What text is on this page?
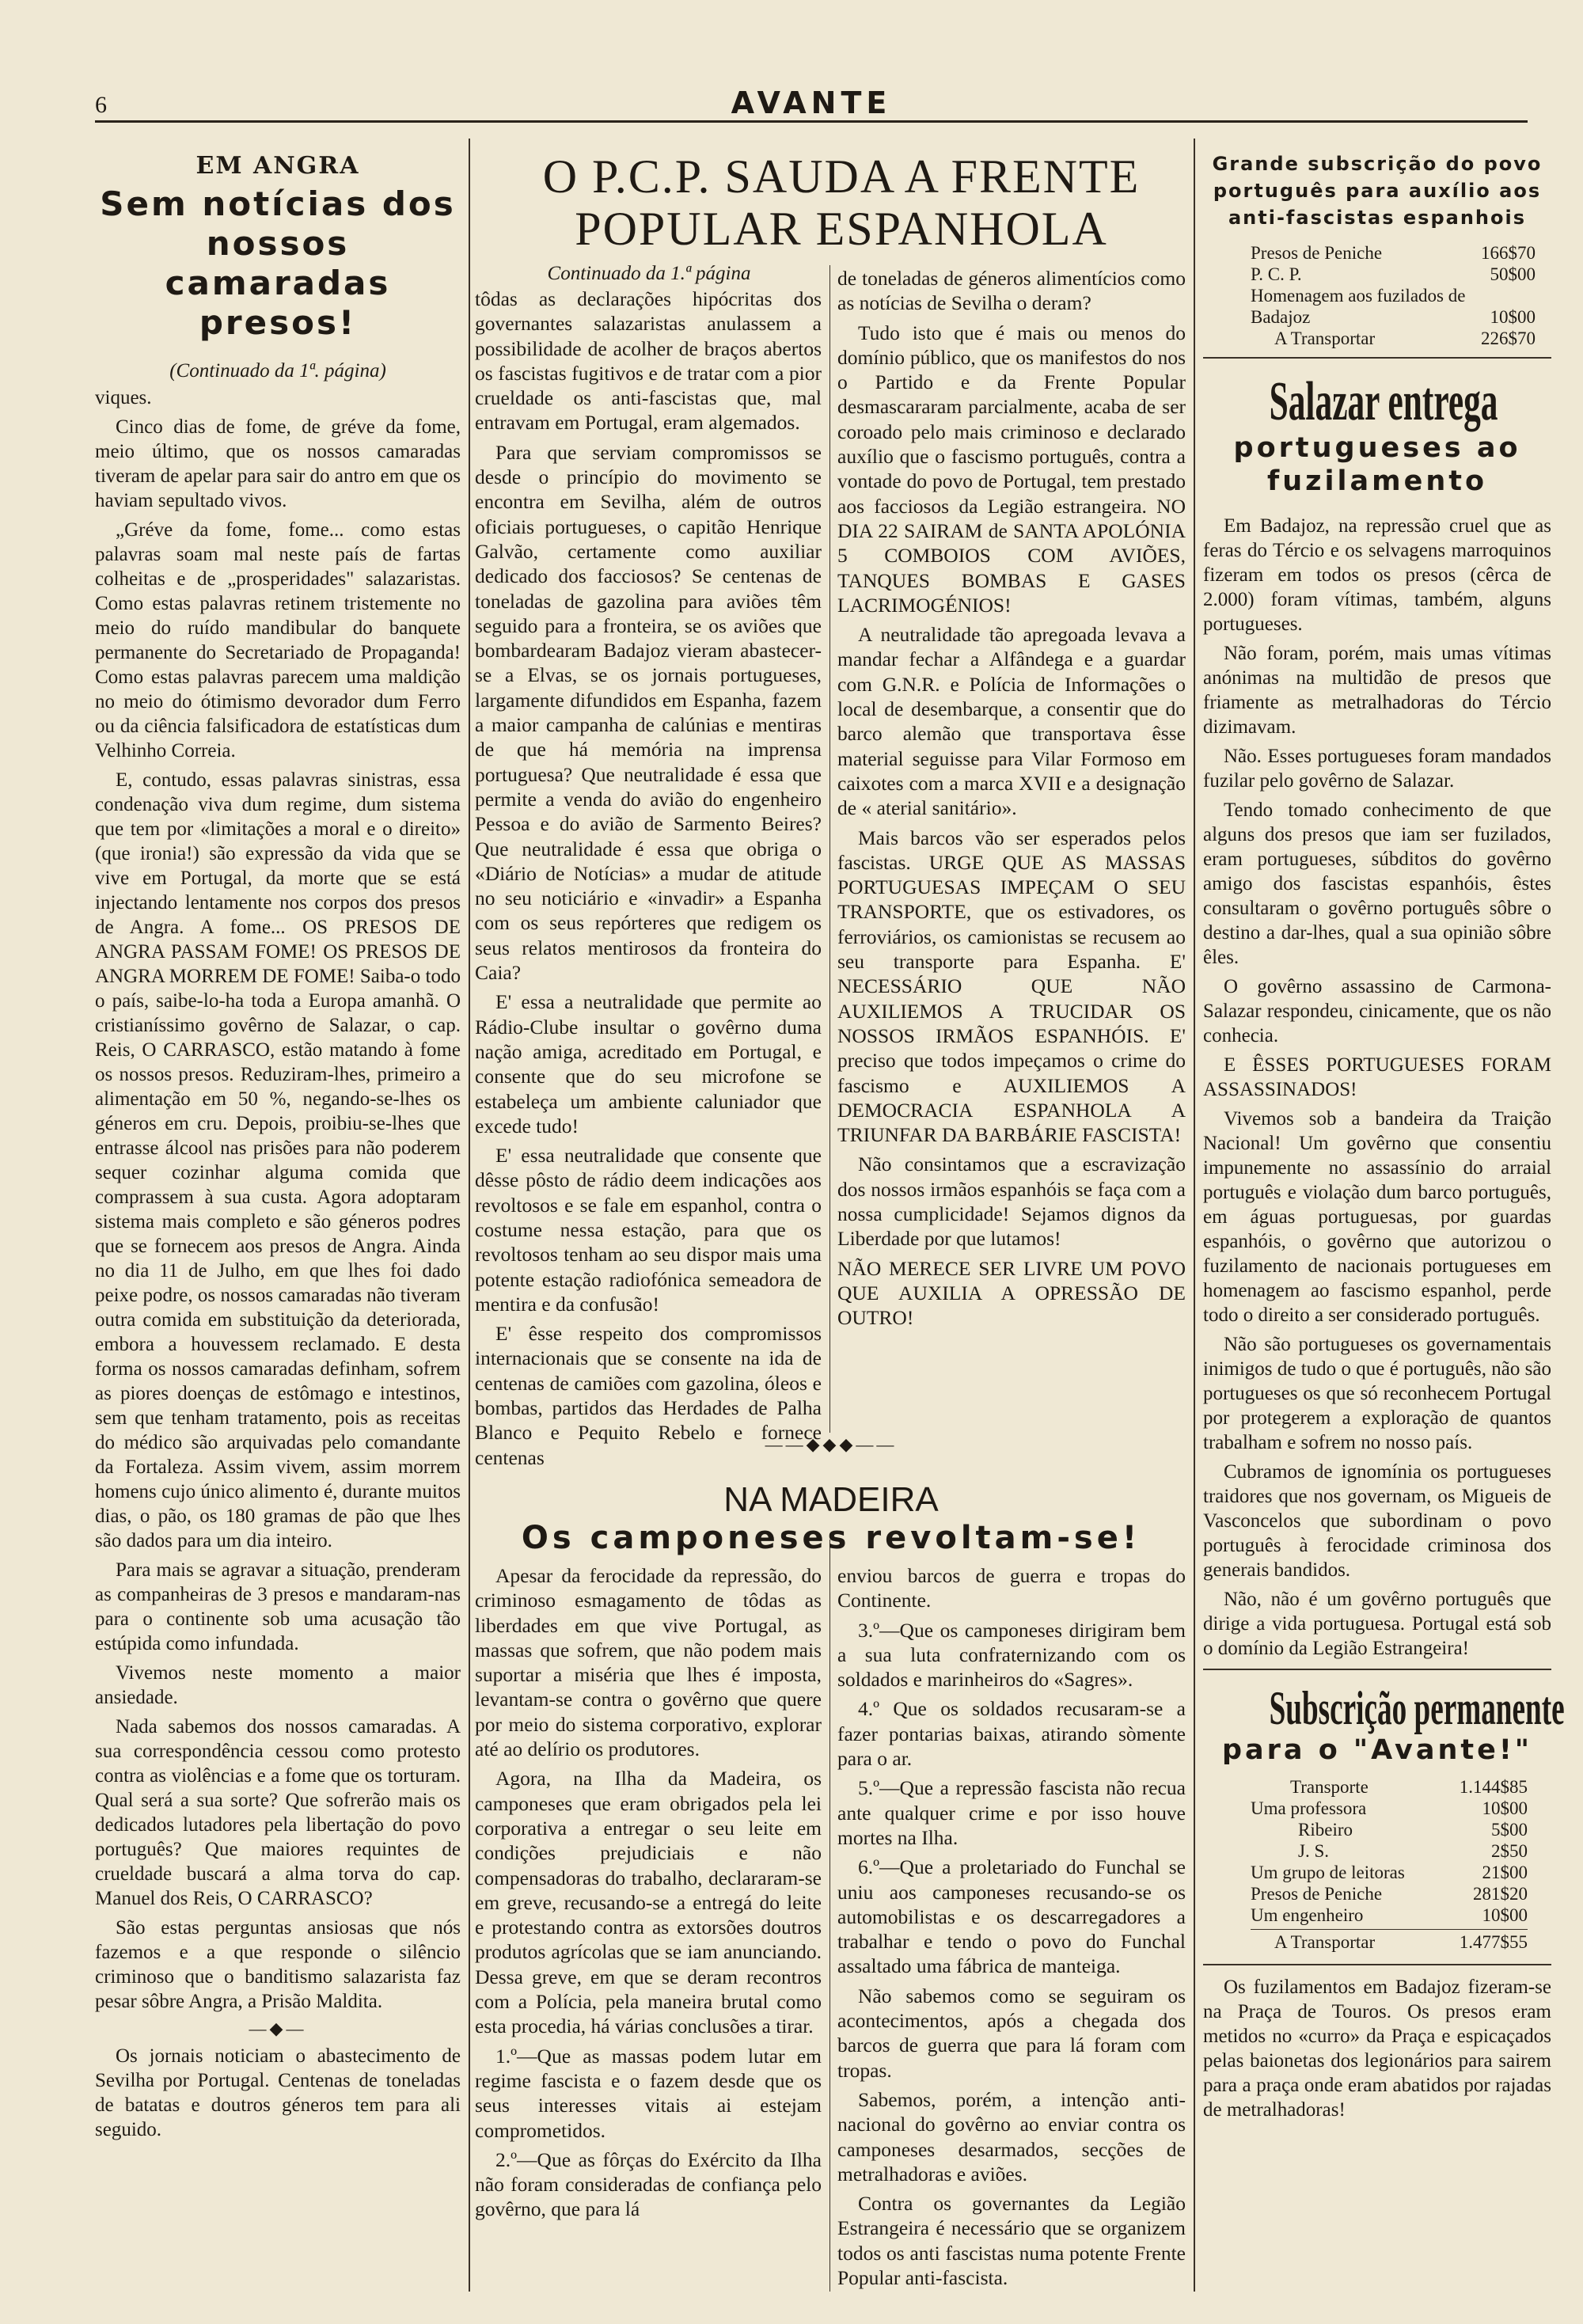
6	AVANTE
EM ANGRA
Sem notícias dos nossos camaradas presos!
(Continuado da 1ª. página)

viques.

Cinco dias de fome, de gréve da fome, meio último, que os nossos camaradas tiveram de apelar para sair do antro em que os haviam sepultado vivos.

„Gréve da fome, fome... como estas palavras soam mal neste país de fartas colheitas e de „prosperidades" salazaristas. Como estas palavras retinem tristemente no meio do ruído mandibular do banquete permanente do Secretariado de Propaganda! Como estas palavras parecem uma maldição no meio do ótimismo devorador dum Ferro ou da ciência falsificadora de estatísticas dum Velhinho Correia.

E, contudo, essas palavras sinistras, essa condenação viva dum regime, dum sistema que tem por «limitações a moral e o direito» (que ironia!) são expressão da vida que se vive em Portugal, da morte que se está injectando lentamente nos corpos dos presos de Angra. A fome... OS PRESOS DE ANGRA PASSAM FOME! OS PRESOS DE ANGRA MORREM DE FOME! Saiba-o todo o país, saibe-lo-ha toda a Europa amanhã. O cristianíssimo govêrno de Salazar, o cap. Reis, O CARRASCO, estão matando à fome os nossos presos. Reduziram-lhes, primeiro a alimentação em 50 %, negando-se-lhes os géneros em cru. Depois, proibiu-se-lhes que entrasse álcool nas prisões para não poderem sequer cozinhar alguma comida que comprassem à sua custa. Agora adoptaram sistema mais completo e são géneros podres que se fornecem aos presos de Angra. Ainda no dia 11 de Julho, em que lhes foi dado peixe podre, os nossos camaradas não tiveram outra comida em substituição da deteriorada, embora a houvessem reclamado. E desta forma os nossos camaradas definham, sofrem as piores doenças de estômago e intestinos, sem que tenham tratamento, pois as receitas do médico são arquivadas pelo comandante da Fortaleza. Assim vivem, assim morrem homens cujo único alimento é, durante muitos dias, o pão, os 180 gramas de pão que lhes são dados para um dia inteiro.

Para mais se agravar a situação, prenderam as companheiras de 3 presos e mandaram-nas para o continente sob uma acusação tão estúpida como infundada.

Vivemos neste momento a maior ansiedade.

Nada sabemos dos nossos camaradas. A sua correspondência cessou como protesto contra as violências e a fome que os torturam. Qual será a sua sorte? Que sofrerão mais os dedicados lutadores pela libertação do povo português? Que maiores requintes de crueldade buscará a alma torva do cap. Manuel dos Reis, O CARRASCO?

São estas perguntas ansiosas que nós fazemos e a que responde o silêncio criminoso que o banditismo salazarista faz pesar sôbre Angra, a Prisão Maldita.

—◆—

Os jornais noticiam o abastecimento de Sevilha por Portugal. Centenas de toneladas de batatas e doutros géneros tem para ali seguido.

O P.C.P. SAUDA A FRENTE POPULAR ESPANHOLA
Continuado da 1.ª página

tôdas as declarações hipócritas dos governantes salazaristas anulassem a possibilidade de acolher de braços abertos os fascistas fugitivos e de tratar com a pior crueldade os anti-fascistas que, mal entravam em Portugal, eram algemados.

Para que serviam compromissos se desde o princípio do movimento se encontra em Sevilha, além de outros oficiais portugueses, o capitão Henrique Galvão, certamente como auxiliar dedicado dos facciosos? Se centenas de toneladas de gazolina para aviões têm seguido para a fronteira, se os aviões que bombardearam Badajoz vieram abastecer-se a Elvas, se os jornais portugueses, largamente difundidos em Espanha, fazem a maior campanha de calúnias e mentiras de que há memória na imprensa portuguesa? Que neutralidade é essa que permite a venda do avião do engenheiro Pessoa e do avião de Sarmento Beires? Que neutralidade é essa que obriga o «Diário de Notícias» a mudar de atitude no seu noticiário e «invadir» a Espanha com os seus repórteres que redigem os seus relatos mentirosos da fronteira do Caia?

E' essa a neutralidade que permite ao Rádio-Clube insultar o govêrno duma nação amiga, acreditado em Portugal, e consente que do seu microfone se estabeleça um ambiente caluniador que excede tudo!

E' essa neutralidade que consente que dêsse pôsto de rádio deem indicações aos revoltosos e se fale em espanhol, contra o costume nessa estação, para que os revoltosos tenham ao seu dispor mais uma potente estação radiofónica semeadora de mentira e da confusão!

E' êsse respeito dos compromissos internacionais que se consente na ida de centenas de camiões com gazolina, óleos e bombas, partidos das Herdades de Palha Blanco e Pequito Rebelo e fornece centenas

de toneladas de géneros alimentícios como as notícias de Sevilha o deram?

Tudo isto que é mais ou menos do domínio público, que os manifestos do nos o Partido e da Frente Popular desmascararam parcialmente, acaba de ser coroado pelo mais criminoso e declarado auxílio que o fascismo português, contra a vontade do povo de Portugal, tem prestado aos facciosos da Legião estrangeira. NO DIA 22 SAIRAM de SANTA APOLÓNIA 5 COMBOIOS COM AVIÕES, TANQUES BOMBAS E GASES LACRIMOGÉNIOS!

A neutralidade tão apregoada levava a mandar fechar a Alfândega e a guardar com G.N.R. e Polícia de Informações o local de desembarque, a consentir que do barco alemão que transportava êsse material seguisse para Vilar Formoso em caixotes com a marca XVII e a designação de « aterial sanitário».

Mais barcos vão ser esperados pelos fascistas. URGE QUE AS MASSAS PORTUGUESAS IMPEÇAM O SEU TRANSPORTE, que os estivadores, os ferroviários, os camionistas se recusem ao seu transporte para Espanha. E' NECESSÁRIO QUE NÃO AUXILIEMOS A TRUCIDAR OS NOSSOS IRMÃOS ESPANHÓIS. E' preciso que todos impeçamos o crime do fascismo e AUXILIEMOS A DEMOCRACIA ESPANHOLA A TRIUNFAR DA BARBÁRIE FASCISTA!

Não consintamos que a escravização dos nossos irmãos espanhóis se faça com a nossa cumplicidade! Sejamos dignos da Liberdade por que lutamos!

NÃO MERECE SER LIVRE UM POVO QUE AUXILIA A OPRESSÃO DE OUTRO!

——◆◆◆——
NA MADEIRA
Os camponeses revoltam-se!

Apesar da ferocidade da repressão, do criminoso esmagamento de tôdas as liberdades em que vive Portugal, as massas que sofrem, que não podem mais suportar a miséria que lhes é imposta, levantam-se contra o govêrno que quere por meio do sistema corporativo, explorar até ao delírio os produtores.

Agora, na Ilha da Madeira, os camponeses que eram obrigados pela lei corporativa a entregar o seu leite em condições prejudiciais e não compensadoras do trabalho, declararam-se em greve, recusando-se a entregá do leite e protestando contra as extorsões doutros produtos agrícolas que se iam anunciando. Dessa greve, em que se deram recontros com a Polícia, pela maneira brutal como esta procedia, há várias conclusões a tirar.

1.º—Que as massas podem lutar em regime fascista e o fazem desde que os seus interesses vitais ai estejam comprometidos.

2.º—Que as fôrças do Exército da Ilha não foram consideradas de confiança pelo govêrno, que para lá

enviou barcos de guerra e tropas do Continente.

3.º—Que os camponeses dirigiram bem a sua luta confraternizando com os soldados e marinheiros do «Sagres».

4.º Que os soldados recusaram-se a fazer pontarias baixas, atirando sòmente para o ar.

5.º—Que a repressão fascista não recua ante qualquer crime e por isso houve mortes na Ilha.

6.º—Que a proletariado do Funchal se uniu aos camponeses recusando-se os automobilistas e os descarregadores a trabalhar e tendo o povo do Funchal assaltado uma fábrica de manteiga.

Não sabemos como se seguiram os acontecimentos, após a chegada dos barcos de guerra que para lá foram com tropas.

Sabemos, porém, a intenção anti-nacional do govêrno ao enviar contra os camponeses desarmados, secções de metralhadoras e aviões.

Contra os governantes da Legião Estrangeira é necessário que se organizem todos os anti fascistas numa potente Frente Popular anti-fascista.

Grande subscrição do povo português para auxílio aos anti-fascistas espanhois
Presos de Peniche	166$70
P. C. P.	50$00
Homenagem aos fuzilados de Badajoz	10$00
A Transportar	226$70
Salazar entrega
portugueses ao fuzilamento

Em Badajoz, na repressão cruel que as feras do Tércio e os selvagens marroquinos fizeram em todos os presos (cêrca de 2.000) foram vítimas, também, alguns portugueses.

Não foram, porém, mais umas vítimas anónimas na multidão de presos que friamente as metralhadoras do Tércio dizimavam.

Não. Esses portugueses foram mandados fuzilar pelo govêrno de Salazar.

Tendo tomado conhecimento de que alguns dos presos que iam ser fuzilados, eram portugueses, súbditos do govêrno amigo dos fascistas espanhóis, êstes consultaram o govêrno português sôbre o destino a dar-lhes, qual a sua opinião sôbre êles.

O govêrno assassino de Carmona-Salazar respondeu, cinicamente, que os não conhecia.

E ÊSSES PORTUGUESES FORAM ASSASSINADOS!

Vivemos sob a bandeira da Traição Nacional! Um govêrno que consentiu impunemente no assassínio do arraial português e violação dum barco português, em águas portuguesas, por guardas espanhóis, o govêrno que autorizou o fuzilamento de nacionais portugueses em homenagem ao fascismo espanhol, perde todo o direito a ser considerado português.

Não são portugueses os governamentais inimigos de tudo o que é português, não são portugueses os que só reconhecem Portugal por protegerem a exploração de quantos trabalham e sofrem no nosso país.

Cubramos de ignomínia os portugueses traidores que nos governam, os Migueis de Vasconcelos que subordinam o povo português à ferocidade criminosa dos generais bandidos.

Não, não é um govêrno português que dirige a vida portuguesa. Portugal está sob o domínio da Legião Estrangeira!

Subscrição permanente
para o "Avante!"
Transporte	1.144$85
Uma professora	10$00
Ribeiro	5$00
J. S.	2$50
Um grupo de leitoras	21$00
Presos de Peniche	281$20
Um engenheiro	10$00
A Transportar	1.477$55

Os fuzilamentos em Badajoz fizeram-se na Praça de Touros. Os presos eram metidos no «curro» da Praça e espicaçados pelas baionetas dos legionários para sairem para a praça onde eram abatidos por rajadas de metralhadoras!
